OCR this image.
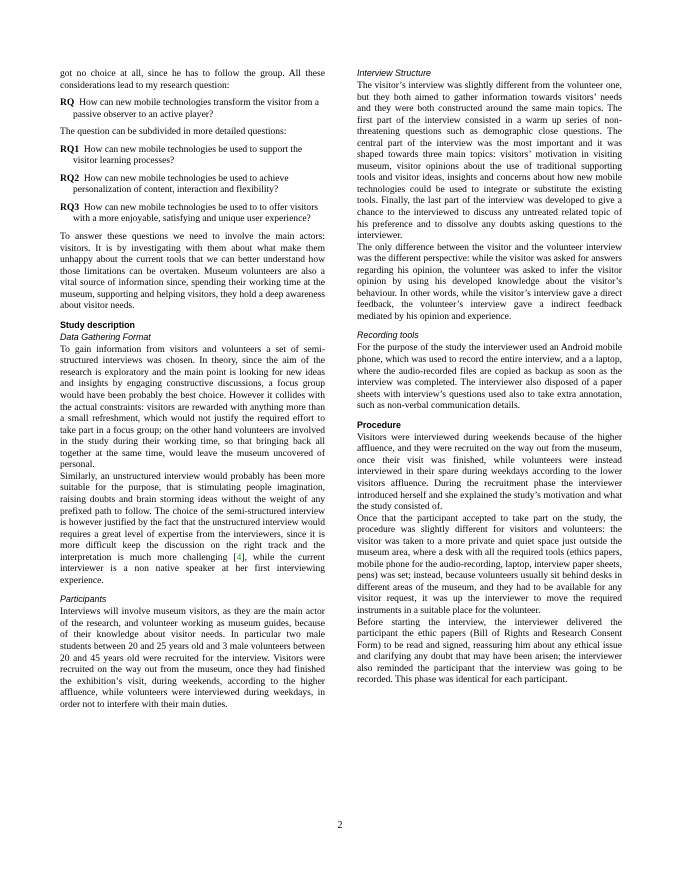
got no choice at all, since he has to follow the group. All these considerations lead to my research question:

RQ How can new mobile technologies transform the visitor from a passive observer to an active player?

The question can be subdivided in more detailed questions:

RQ1 How can new mobile technologies be used to support the visitor learning processes?

RQ2 How can new mobile technologies be used to achieve personalization of content, interaction and flexibility?

RQ3 How can new mobile technologies be used to to offer visitors with a more enjoyable, satisfying and unique user experience?

To answer these questions we need to involve the main actors: visitors. It is by investigating with them about what make them unhappy about the current tools that we can better understand how those limitations can be overtaken. Museum volunteers are also a vital source of information since, spending their working time at the museum, supporting and helping visitors, they hold a deep awareness about visitor needs.

Study description
Data Gathering Format

To gain information from visitors and volunteers a set of semi-structured interviews was chosen. In theory, since the aim of the research is exploratory and the main point is looking for new ideas and insights by engaging constructive discussions, a focus group would have been probably the best choice. However it collides with the actual constraints: visitors are rewarded with anything more than a small refreshment, which would not justify the required effort to take part in a focus group; on the other hand volunteers are involved in the study during their working time, so that bringing back all together at the same time, would leave the museum uncovered of personal.

Similarly, an unstructured interview would probably has been more suitable for the purpose, that is stimulating people imagination, raising doubts and brain storming ideas without the weight of any prefixed path to follow. The choice of the semi-structured interview is however justified by the fact that the unstructured interview would requires a great level of expertise from the interviewers, since it is more difficult keep the discussion on the right track and the interpretation is much more challenging [4], while the current interviewer is a non native speaker at her first interviewing experience.

Participants

Interviews will involve museum visitors, as they are the main actor of the research, and volunteer working as museum guides, because of their knowledge about visitor needs. In particular two male students between 20 and 25 years old and 3 male volunteers between 20 and 45 years old were recruited for the interview. Visitors were recruited on the way out from the museum, once they had finished the exhibition’s visit, during weekends, according to the higher affluence, while volunteers were interviewed during weekdays, in order not to interfere with their main duties.

Interview Structure

The visitor’s interview was slightly different from the volunteer one, but they both aimed to gather information towards visitors’ needs and they were both constructed around the same main topics. The first part of the interview consisted in a warm up series of non-threatening questions such as demographic close questions. The central part of the interview was the most important and it was shaped towards three main topics: visitors’ motivation in visiting museum, visitor opinions about the use of traditional supporting tools and visitor ideas, insights and concerns about how new mobile technologies could be used to integrate or substitute the existing tools. Finally, the last part of the interview was developed to give a chance to the interviewed to discuss any untreated related topic of his preference and to dissolve any doubts asking questions to the interviewer.

The only difference between the visitor and the volunteer interview was the different perspective: while the visitor was asked for answers regarding his opinion, the volunteer was asked to infer the visitor opinion by using his developed knowledge about the visitor’s behaviour. In other words, while the visitor’s interview gave a direct feedback, the volunteer’s interview gave a indirect feedback mediated by his opinion and experience.

Recording tools

For the purpose of the study the interviewer used an Android mobile phone, which was used to record the entire interview, and a a laptop, where the audio-recorded files are copied as backup as soon as the interview was completed. The interviewer also disposed of a paper sheets with interview’s questions used also to take extra annotation, such as non-verbal communication details.

Procedure

Visitors were interviewed during weekends because of the higher affluence, and they were recruited on the way out from the museum, once their visit was finished, while volunteers were instead interviewed in their spare during weekdays according to the lower visitors affluence. During the recruitment phase the interviewer introduced herself and she explained the study’s motivation and what the study consisted of.

Once that the participant accepted to take part on the study, the procedure was slightly different for visitors and volunteers: the visitor was taken to a more private and quiet space just outside the museum area, where a desk with all the required tools (ethics papers, mobile phone for the audio-recording, laptop, interview paper sheets, pens) was set; instead, because volunteers usually sit behind desks in different areas of the museum, and they had to be available for any visitor request, it was up the interviewer to move the required instruments in a suitable place for the volunteer.

Before starting the interview, the interviewer delivered the participant the ethic papers (Bill of Rights and Research Consent Form) to be read and signed, reassuring him about any ethical issue and clarifying any doubt that may have been arisen; the interviewer also reminded the participant that the interview was going to be recorded. This phase was identical for each participant.

2
